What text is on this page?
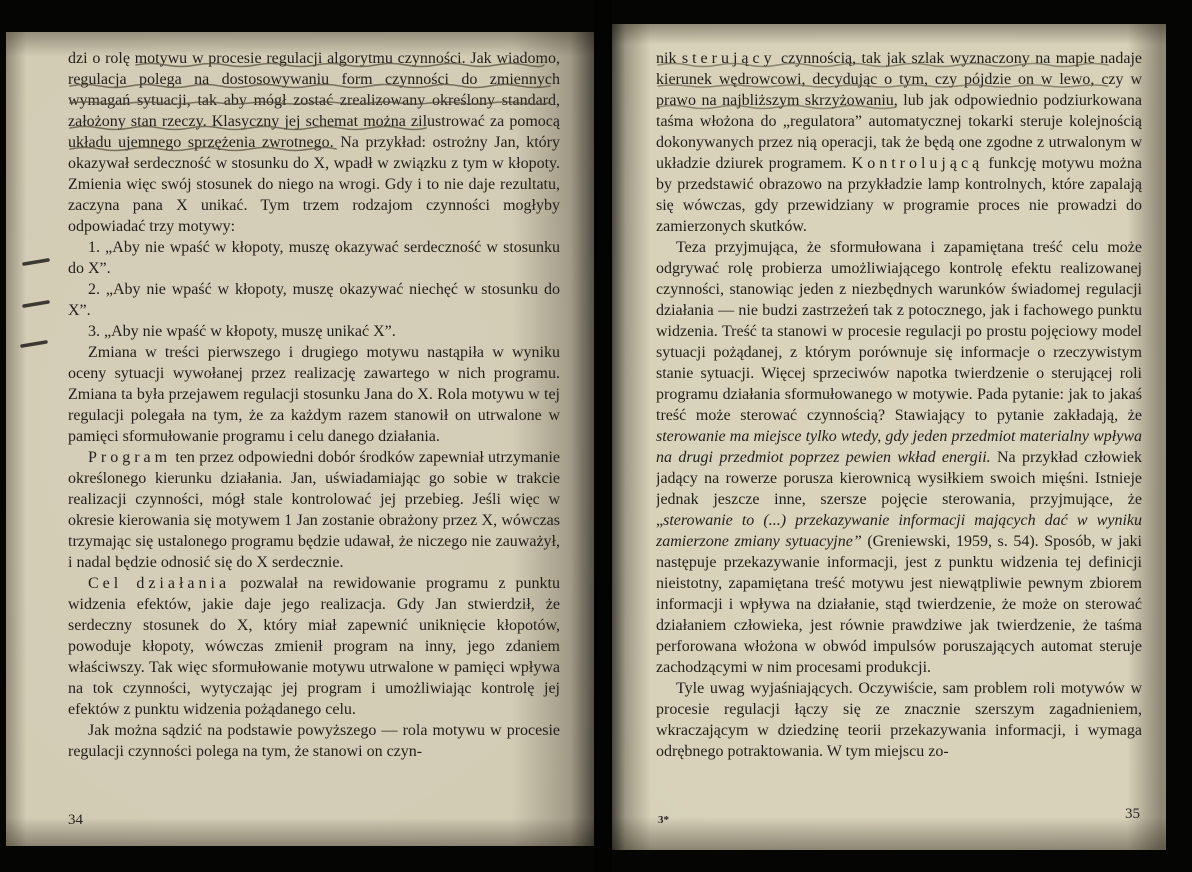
dzi o rolę motywu w procesie regulacji algorytmu czynności. Jak wiadomo, regulacja polega na dostosowywaniu form czynności do zmiennych wymagań sytuacji, tak aby mógł zostać zrealizowany określony standard, założony stan rzeczy. Klasyczny jej schemat można zilustrować za pomocą układu ujemnego sprzężenia zwrotnego. Na przykład: ostrożny Jan, który okazywał serdeczność w stosunku do X, wpadł w związku z tym w kłopoty. Zmienia więc swój stosunek do niego na wrogi. Gdy i to nie daje rezultatu, zaczyna pana X unikać. Tym trzem rodzajom czynności mogłyby odpowiadać trzy motywy:

1. „Aby nie wpaść w kłopoty, muszę okazywać serdeczność w stosunku do X”.

2. „Aby nie wpaść w kłopoty, muszę okazywać niechęć w stosunku do X”.

3. „Aby nie wpaść w kłopoty, muszę unikać X”.

Zmiana w treści pierwszego i drugiego motywu nastąpiła w wyniku oceny sytuacji wywołanej przez realizację zawartego w nich programu. Zmiana ta była przejawem regulacji stosunku Jana do X. Rola motywu w tej regulacji polegała na tym, że za każdym razem stanowił on utrwalone w pamięci sformułowanie programu i celu danego działania.

Program ten przez odpowiedni dobór środków zapewniał utrzymanie określonego kierunku działania. Jan, uświadamiając go sobie w trakcie realizacji czynności, mógł stale kontrolować jej przebieg. Jeśli więc w okresie kierowania się motywem 1 Jan zostanie obrażony przez X, wówczas trzymając się ustalonego programu będzie udawał, że niczego nie zauważył, i nadal będzie odnosić się do X serdecznie.

Cel działania pozwalał na rewidowanie programu z punktu widzenia efektów, jakie daje jego realizacja. Gdy Jan stwierdził, że serdeczny stosunek do X, który miał zapewnić uniknięcie kłopotów, powoduje kłopoty, wówczas zmienił program na inny, jego zdaniem właściwszy. Tak więc sformułowanie motywu utrwalone w pamięci wpływa na tok czynności, wytyczając jej program i umożliwiając kontrolę jej efektów z punktu widzenia pożądanego celu.

Jak można sądzić na podstawie powyższego — rola motywu w procesie regulacji czynności polega na tym, że stanowi on czyn-

34

nik sterujący czynnością, tak jak szlak wyznaczony na mapie nadaje kierunek wędrowcowi, decydując o tym, czy pójdzie on w lewo, czy w prawo na najbliższym skrzyżowaniu, lub jak odpowiednio podziurkowana taśma włożona do „regulatora” automatycznej tokarki steruje kolejnością dokonywanych przez nią operacji, tak że będą one zgodne z utrwalonym w układzie dziurek programem. Kontrolującą funkcję motywu można by przedstawić obrazowo na przykładzie lamp kontrolnych, które zapalają się wówczas, gdy przewidziany w programie proces nie prowadzi do zamierzonych skutków.

Teza przyjmująca, że sformułowana i zapamiętana treść celu może odgrywać rolę probierza umożliwiającego kontrolę efektu realizowanej czynności, stanowiąc jeden z niezbędnych warunków świadomej regulacji działania — nie budzi zastrzeżeń tak z potocznego, jak i fachowego punktu widzenia. Treść ta stanowi w procesie regulacji po prostu pojęciowy model sytuacji pożądanej, z którym porównuje się informacje o rzeczywistym stanie sytuacji. Więcej sprzeciwów napotka twierdzenie o sterującej roli programu działania sformułowanego w motywie. Pada pytanie: jak to jakaś treść może sterować czynnością? Stawiający to pytanie zakładają, że sterowanie ma miejsce tylko wtedy, gdy jeden przedmiot materialny wpływa na drugi przedmiot poprzez pewien wkład energii. Na przykład człowiek jadący na rowerze porusza kierownicą wysiłkiem swoich mięśni. Istnieje jednak jeszcze inne, szersze pojęcie sterowania, przyjmujące, że „sterowanie to (...) przekazywanie informacji mających dać w wyniku zamierzone zmiany sytuacyjne” (Greniewski, 1959, s. 54). Sposób, w jaki następuje przekazywanie informacji, jest z punktu widzenia tej definicji nieistotny, zapamiętana treść motywu jest niewątpliwie pewnym zbiorem informacji i wpływa na działanie, stąd twierdzenie, że może on sterować działaniem człowieka, jest równie prawdziwe jak twierdzenie, że taśma perforowana włożona w obwód impulsów poruszających automat steruje zachodzącymi w nim procesami produkcji.

Tyle uwag wyjaśniających. Oczywiście, sam problem roli motywów w procesie regulacji łączy się ze znacznie szerszym zagadnieniem, wkraczającym w dziedzinę teorii przekazywania informacji, i wymaga odrębnego potraktowania. W tym miejscu zo-

3*	35
